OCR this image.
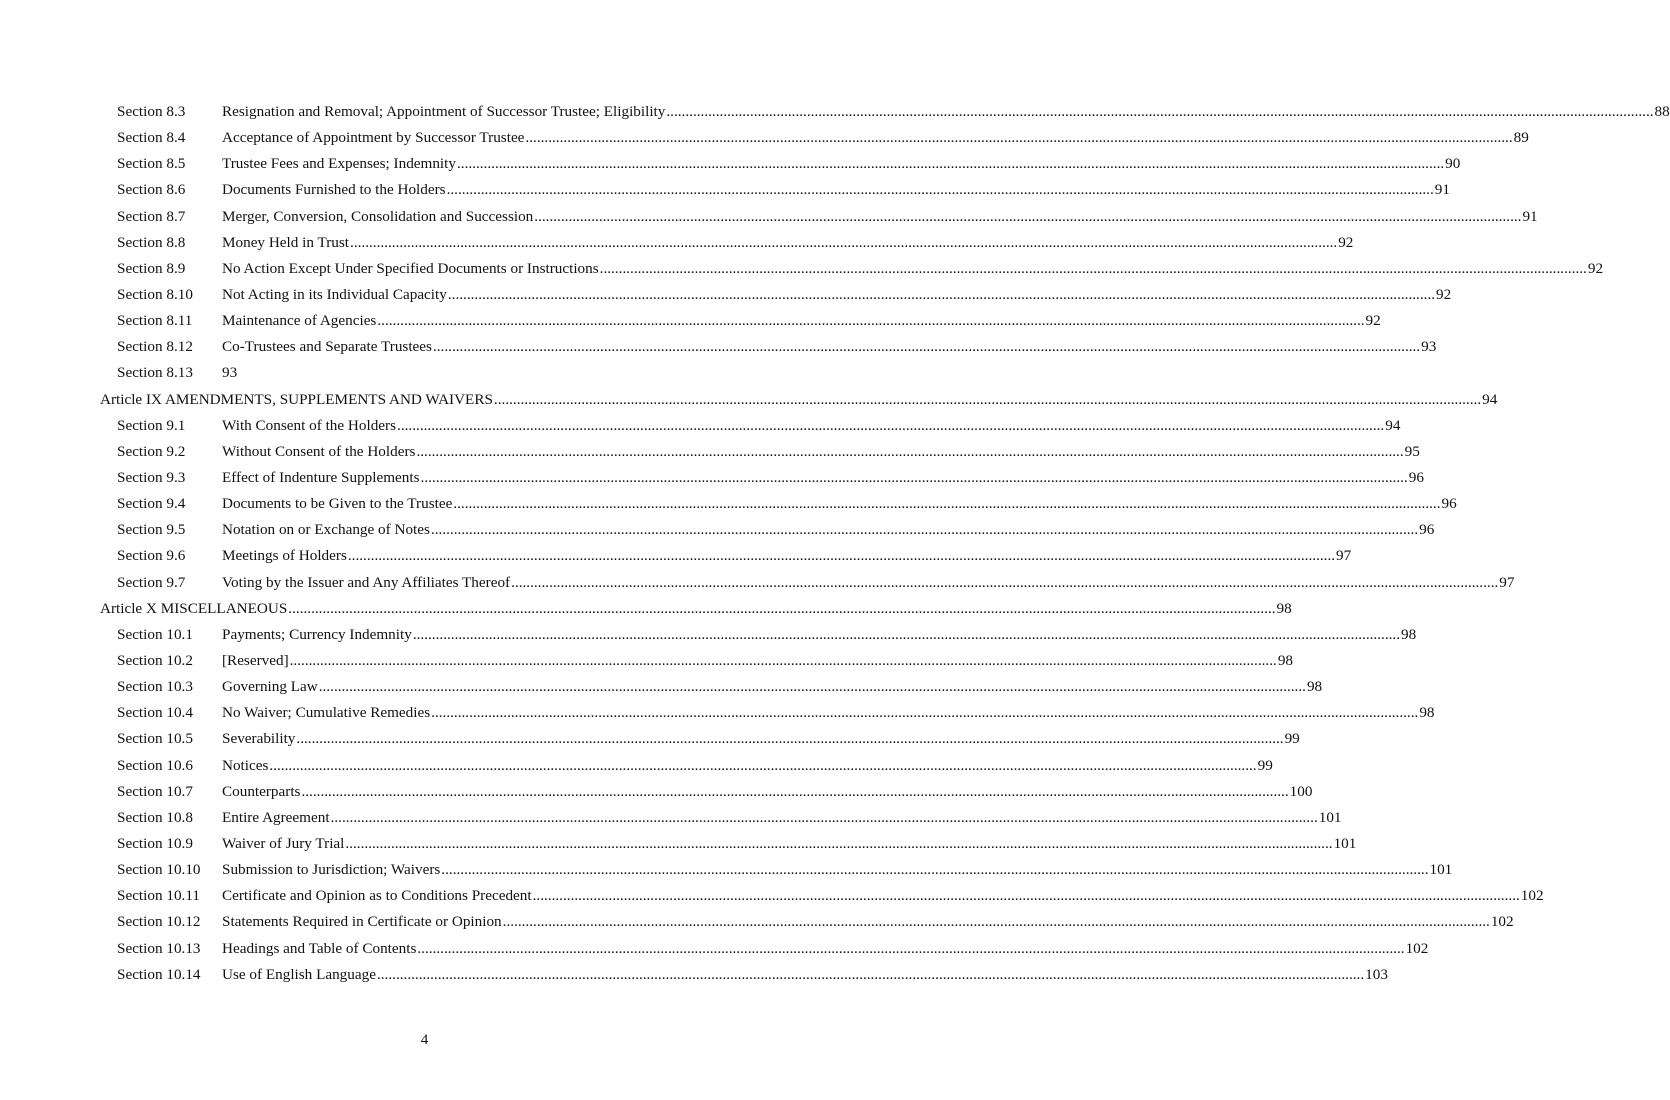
Section 8.3 Resignation and Removal; Appointment of Successor Trustee; Eligibility .................................................................................................................................................................................................................................................................... 88
Section 8.4 Acceptance of Appointment by Successor Trustee .................................................................................................................................................................................................................................................................... 89
Section 8.5 Trustee Fees and Expenses; Indemnity .................................................................................................................................................................................................................................................................... 90
Section 8.6 Documents Furnished to the Holders .................................................................................................................................................................................................................................................................... 91
Section 8.7 Merger, Conversion, Consolidation and Succession .................................................................................................................................................................................................................................................................... 91
Section 8.8 Money Held in Trust .................................................................................................................................................................................................................................................................... 92
Section 8.9 No Action Except Under Specified Documents or Instructions .................................................................................................................................................................................................................................................................... 92
Section 8.10 Not Acting in its Individual Capacity .................................................................................................................................................................................................................................................................... 92
Section 8.11 Maintenance of Agencies .................................................................................................................................................................................................................................................................... 92
Section 8.12 Co-Trustees and Separate Trustees .................................................................................................................................................................................................................................................................... 93
Section 8.13 93
Article IX AMENDMENTS, SUPPLEMENTS AND WAIVERS .................................................................................................................................................................................................................................................................... 94
Section 9.1 With Consent of the Holders .................................................................................................................................................................................................................................................................... 94
Section 9.2 Without Consent of the Holders .................................................................................................................................................................................................................................................................... 95
Section 9.3 Effect of Indenture Supplements .................................................................................................................................................................................................................................................................... 96
Section 9.4 Documents to be Given to the Trustee .................................................................................................................................................................................................................................................................... 96
Section 9.5 Notation on or Exchange of Notes .................................................................................................................................................................................................................................................................... 96
Section 9.6 Meetings of Holders .................................................................................................................................................................................................................................................................... 97
Section 9.7 Voting by the Issuer and Any Affiliates Thereof .................................................................................................................................................................................................................................................................... 97
Article X MISCELLANEOUS .................................................................................................................................................................................................................................................................... 98
Section 10.1 Payments; Currency Indemnity .................................................................................................................................................................................................................................................................... 98
Section 10.2 [Reserved] .................................................................................................................................................................................................................................................................... 98
Section 10.3 Governing Law .................................................................................................................................................................................................................................................................... 98
Section 10.4 No Waiver; Cumulative Remedies .................................................................................................................................................................................................................................................................... 98
Section 10.5 Severability .................................................................................................................................................................................................................................................................... 99
Section 10.6 Notices .................................................................................................................................................................................................................................................................... 99
Section 10.7 Counterparts .................................................................................................................................................................................................................................................................... 100
Section 10.8 Entire Agreement .................................................................................................................................................................................................................................................................... 101
Section 10.9 Waiver of Jury Trial .................................................................................................................................................................................................................................................................... 101
Section 10.10 Submission to Jurisdiction; Waivers .................................................................................................................................................................................................................................................................... 101
Section 10.11 Certificate and Opinion as to Conditions Precedent .................................................................................................................................................................................................................................................................... 102
Section 10.12 Statements Required in Certificate or Opinion .................................................................................................................................................................................................................................................................... 102
Section 10.13 Headings and Table of Contents .................................................................................................................................................................................................................................................................... 102
Section 10.14 Use of English Language .................................................................................................................................................................................................................................................................... 103
4
